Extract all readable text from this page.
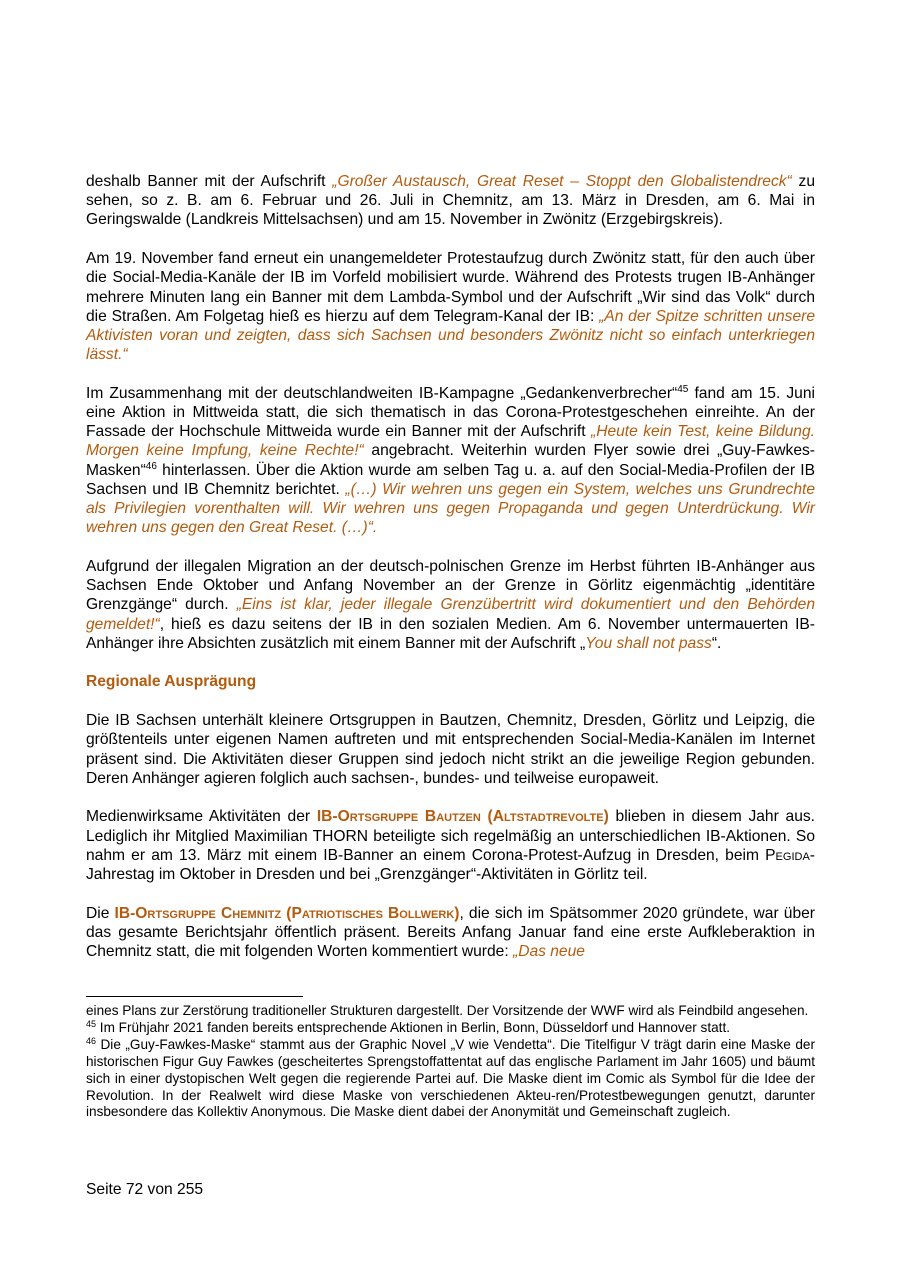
deshalb Banner mit der Aufschrift „Großer Austausch, Great Reset – Stoppt den Globalistendreck“ zu sehen, so z. B. am 6. Februar und 26. Juli in Chemnitz, am 13. März in Dresden, am 6. Mai in Geringswalde (Landkreis Mittelsachsen) und am 15. November in Zwönitz (Erzgebirgskreis).

Am 19. November fand erneut ein unangemeldeter Protestaufzug durch Zwönitz statt, für den auch über die Social-Media-Kanäle der IB im Vorfeld mobilisiert wurde. Während des Protests trugen IB-Anhänger mehrere Minuten lang ein Banner mit dem Lambda-Symbol und der Aufschrift „Wir sind das Volk“ durch die Straßen. Am Folgetag hieß es hierzu auf dem Telegram-Kanal der IB: „An der Spitze schritten unsere Aktivisten voran und zeigten, dass sich Sachsen und besonders Zwönitz nicht so einfach unterkriegen lässt.“

Im Zusammenhang mit der deutschlandweiten IB-Kampagne „Gedankenverbrecher“$^{45}$ fand am 15. Juni eine Aktion in Mittweida statt, die sich thematisch in das Corona-Protestgeschehen einreihte. An der Fassade der Hochschule Mittweida wurde ein Banner mit der Aufschrift „Heute kein Test, keine Bildung. Morgen keine Impfung, keine Rechte!“ angebracht. Weiterhin wurden Flyer sowie drei „Guy-Fawkes-Masken“$^{46}$ hinterlassen. Über die Aktion wurde am selben Tag u. a. auf den Social-Media-Profilen der IB Sachsen und IB Chemnitz berichtet. „(…) Wir wehren uns gegen ein System, welches uns Grundrechte als Privilegien vorenthalten will. Wir wehren uns gegen Propaganda und gegen Unterdrückung. Wir wehren uns gegen den Great Reset. (…)“.

Aufgrund der illegalen Migration an der deutsch-polnischen Grenze im Herbst führten IB-Anhänger aus Sachsen Ende Oktober und Anfang November an der Grenze in Görlitz eigenmächtig „identitäre Grenzgänge“ durch. „Eins ist klar, jeder illegale Grenzübertritt wird dokumentiert und den Behörden gemeldet!“, hieß es dazu seitens der IB in den sozialen Medien. Am 6. November untermauerten IB-Anhänger ihre Absichten zusätzlich mit einem Banner mit der Aufschrift „You shall not pass“.

Regionale Ausprägung

Die IB Sachsen unterhält kleinere Ortsgruppen in Bautzen, Chemnitz, Dresden, Görlitz und Leipzig, die größtenteils unter eigenen Namen auftreten und mit entsprechenden Social-Media-Kanälen im Internet präsent sind. Die Aktivitäten dieser Gruppen sind jedoch nicht strikt an die jeweilige Region gebunden. Deren Anhänger agieren folglich auch sachsen-, bundes- und teilweise europaweit.

Medienwirksame Aktivitäten der IB-Ortsgruppe Bautzen (Altstadtrevolte) blieben in diesem Jahr aus. Lediglich ihr Mitglied Maximilian THORN beteiligte sich regelmäßig an unterschiedlichen IB-Aktionen. So nahm er am 13. März mit einem IB-Banner an einem Corona-Protest-Aufzug in Dresden, beim Pegida-Jahrestag im Oktober in Dresden und bei „Grenzgänger“-Aktivitäten in Görlitz teil.

Die IB-Ortsgruppe Chemnitz (Patriotisches Bollwerk), die sich im Spätsommer 2020 gründete, war über das gesamte Berichtsjahr öffentlich präsent. Bereits Anfang Januar fand eine erste Aufkleberaktion in Chemnitz statt, die mit folgenden Worten kommentiert wurde: „Das neue

eines Plans zur Zerstörung traditioneller Strukturen dargestellt. Der Vorsitzende der WWF wird als Feindbild angesehen.

$^{45}$ Im Frühjahr 2021 fanden bereits entsprechende Aktionen in Berlin, Bonn, Düsseldorf und Hannover statt.

$^{46}$ Die „Guy-Fawkes-Maske“ stammt aus der Graphic Novel „V wie Vendetta“. Die Titelfigur V trägt darin eine Maske der historischen Figur Guy Fawkes (gescheitertes Sprengstoffattentat auf das englische Parlament im Jahr 1605) und bäumt sich in einer dystopischen Welt gegen die regierende Partei auf. Die Maske dient im Comic als Symbol für die Idee der Revolution. In der Realwelt wird diese Maske von verschiedenen Akteu-ren/Protestbewegungen genutzt, darunter insbesondere das Kollektiv Anonymous. Die Maske dient dabei der Anonymität und Gemeinschaft zugleich.

Seite 72 von 255
